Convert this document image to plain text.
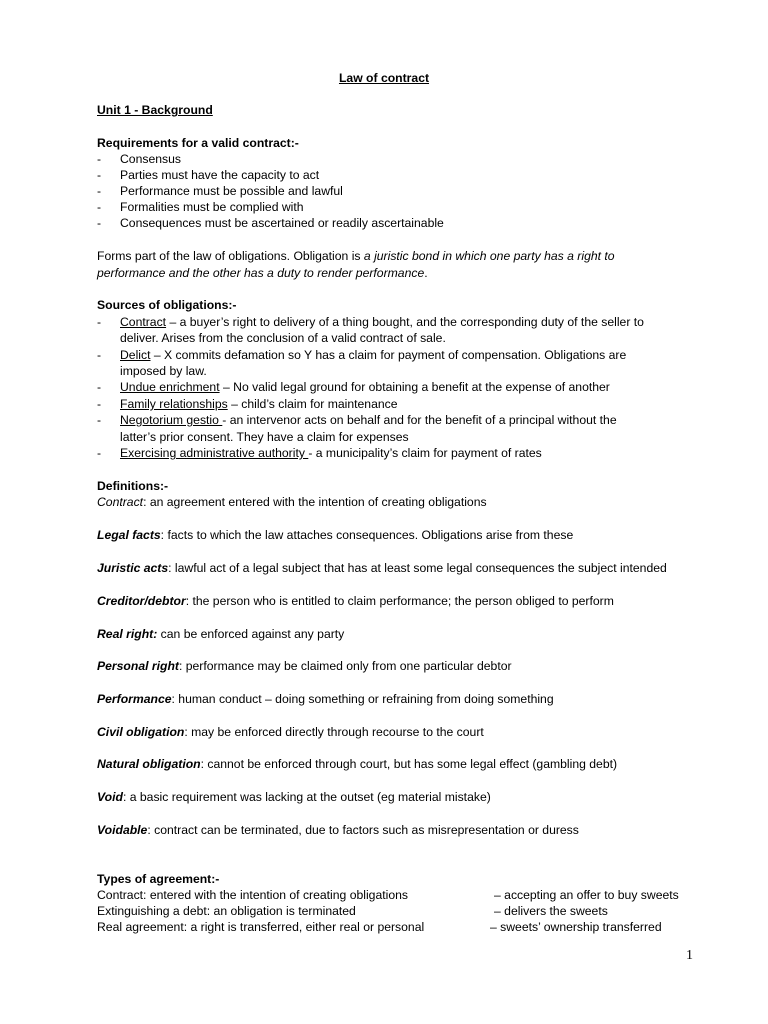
Law of contract
Unit 1 - Background
Requirements for a valid contract:-
- Consensus
- Parties must have the capacity to act
- Performance must be possible and lawful
- Formalities must be complied with
- Consequences must be ascertained or readily ascertainable
Forms part of the law of obligations. Obligation is a juristic bond in which one party has a right to
performance and the other has a duty to render performance.
Sources of obligations:-
- Contract – a buyer’s right to delivery of a thing bought, and the corresponding duty of the seller to
deliver. Arises from the conclusion of a valid contract of sale.
- Delict – X commits defamation so Y has a claim for payment of compensation. Obligations are
imposed by law.
- Undue enrichment – No valid legal ground for obtaining a benefit at the expense of another
- Family relationships – child’s claim for maintenance
- Negotorium gestio - an intervenor acts on behalf and for the benefit of a principal without the
latter’s prior consent. They have a claim for expenses
- Exercising administrative authority - a municipality’s claim for payment of rates
Definitions:-
Contract: an agreement entered with the intention of creating obligations
Legal facts: facts to which the law attaches consequences. Obligations arise from these
Juristic acts: lawful act of a legal subject that has at least some legal consequences the subject intended
Creditor/debtor: the person who is entitled to claim performance; the person obliged to perform
Real right: can be enforced against any party
Personal right: performance may be claimed only from one particular debtor
Performance: human conduct – doing something or refraining from doing something
Civil obligation: may be enforced directly through recourse to the court
Natural obligation: cannot be enforced through court, but has some legal effect (gambling debt)
Void: a basic requirement was lacking at the outset (eg material mistake)
Voidable: contract can be terminated, due to factors such as misrepresentation or duress
Types of agreement:-
Contract: entered with the intention of creating obligations	– accepting an offer to buy sweets
Extinguishing a debt: an obligation is terminated	– delivers the sweets
Real agreement: a right is transferred, either real or personal	– sweets’ ownership transferred
1
